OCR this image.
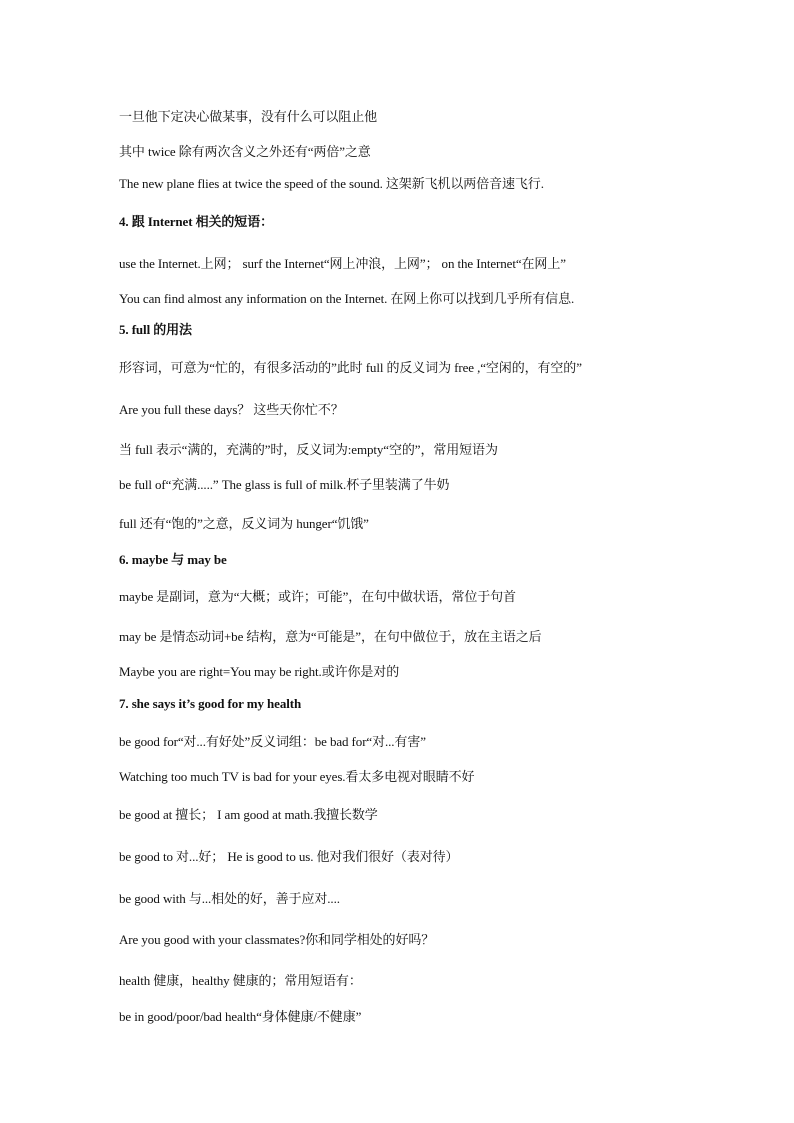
一旦他下定决心做某事，没有什么可以阻止他
其中 twice 除有两次含义之外还有“两倍”之意
The new plane flies at twice the speed of the sound. 这架新飞机以两倍音速飞行.
4. 跟 Internet 相关的短语：
use the Internet.上网； surf the Internet“网上冲浪，上网”； on the Internet“在网上”
You can find almost any information on the Internet. 在网上你可以找到几乎所有信息.
5. full 的用法
形容词，可意为“忙的，有很多活动的”此时 full 的反义词为 free ,“空闲的，有空的”
Are you full these days？ 这些天你忙不？
当 full 表示“满的，充满的”时，反义词为:empty“空的”，常用短语为
be full of“充满.....” The glass is full of milk.杯子里装满了牛奶
full 还有“饱的”之意，反义词为 hunger“饥饿”
6. maybe 与 may be
maybe 是副词，意为“大概；或许；可能”，在句中做状语，常位于句首
may be 是情态动词+be 结构，意为“可能是”，在句中做位于，放在主语之后
Maybe you are right=You may be right.或许你是对的
7. she says it’s good for my health
be good for“对...有好处”反义词组：be bad for“对...有害”
Watching too much TV is bad for your eyes.看太多电视对眼睛不好
be good at 擅长； I am good at math.我擅长数学
be good to 对...好； He is good to us. 他对我们很好（表对待）
be good with 与...相处的好，善于应对....
Are you good with your classmates?你和同学相处的好吗？
health 健康，healthy 健康的；常用短语有：
be in good/poor/bad health“身体健康/不健康”
